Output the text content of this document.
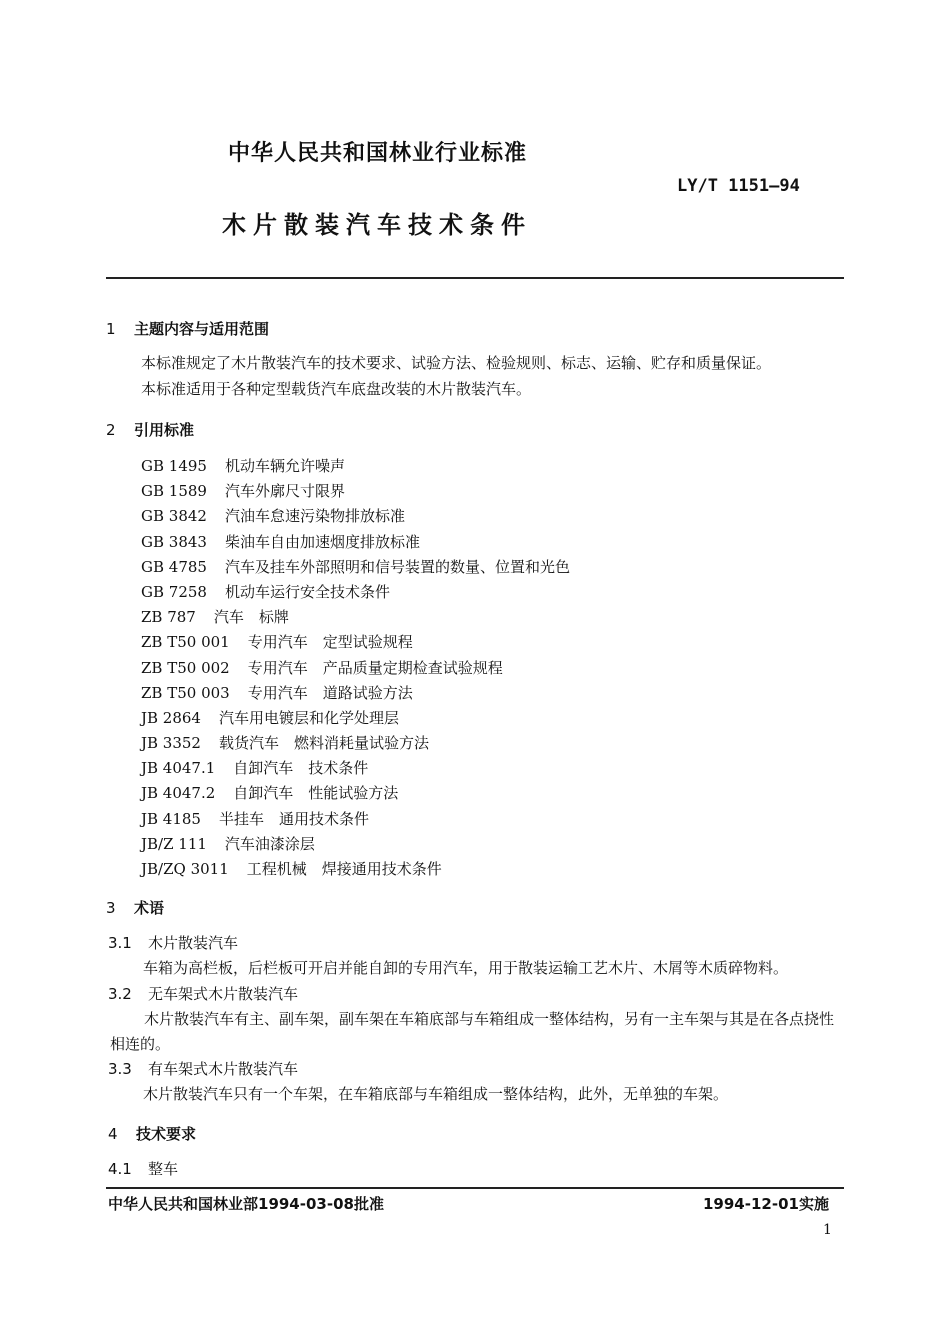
中华人民共和国林业行业标准
LY/T 1151—94
木片散装汽车技术条件
1 主题内容与适用范围
本标准规定了木片散装汽车的技术要求、试验方法、检验规则、标志、运输、贮存和质量保证。
本标准适用于各种定型载货汽车底盘改装的木片散装汽车。
2 引用标准
GB 1495 机动车辆允许噪声
GB 1589 汽车外廓尺寸限界
GB 3842 汽油车怠速污染物排放标准
GB 3843 柴油车自由加速烟度排放标准
GB 4785 汽车及挂车外部照明和信号装置的数量、位置和光色
GB 7258 机动车运行安全技术条件
ZB 787 汽车　标牌
ZB T50 001 专用汽车　定型试验规程
ZB T50 002 专用汽车　产品质量定期检查试验规程
ZB T50 003 专用汽车　道路试验方法
JB 2864 汽车用电镀层和化学处理层
JB 3352 载货汽车　燃料消耗量试验方法
JB 4047.1 自卸汽车　技术条件
JB 4047.2 自卸汽车　性能试验方法
JB 4185 半挂车　通用技术条件
JB/Z 111 汽车油漆涂层
JB/ZQ 3011 工程机械　焊接通用技术条件
3 术语
3.1 木片散装汽车
车箱为高栏板，后栏板可开启并能自卸的专用汽车，用于散装运输工艺木片、木屑等木质碎物料。
3.2 无车架式木片散装汽车
木片散装汽车有主、副车架，副车架在车箱底部与车箱组成一整体结构，另有一主车架与其是在各点挠性相连的。
3.3 有车架式木片散装汽车
木片散装汽车只有一个车架，在车箱底部与车箱组成一整体结构，此外，无单独的车架。
4 技术要求
4.1 整车
中华人民共和国林业部1994-03-08批准	1994-12-01实施
1
